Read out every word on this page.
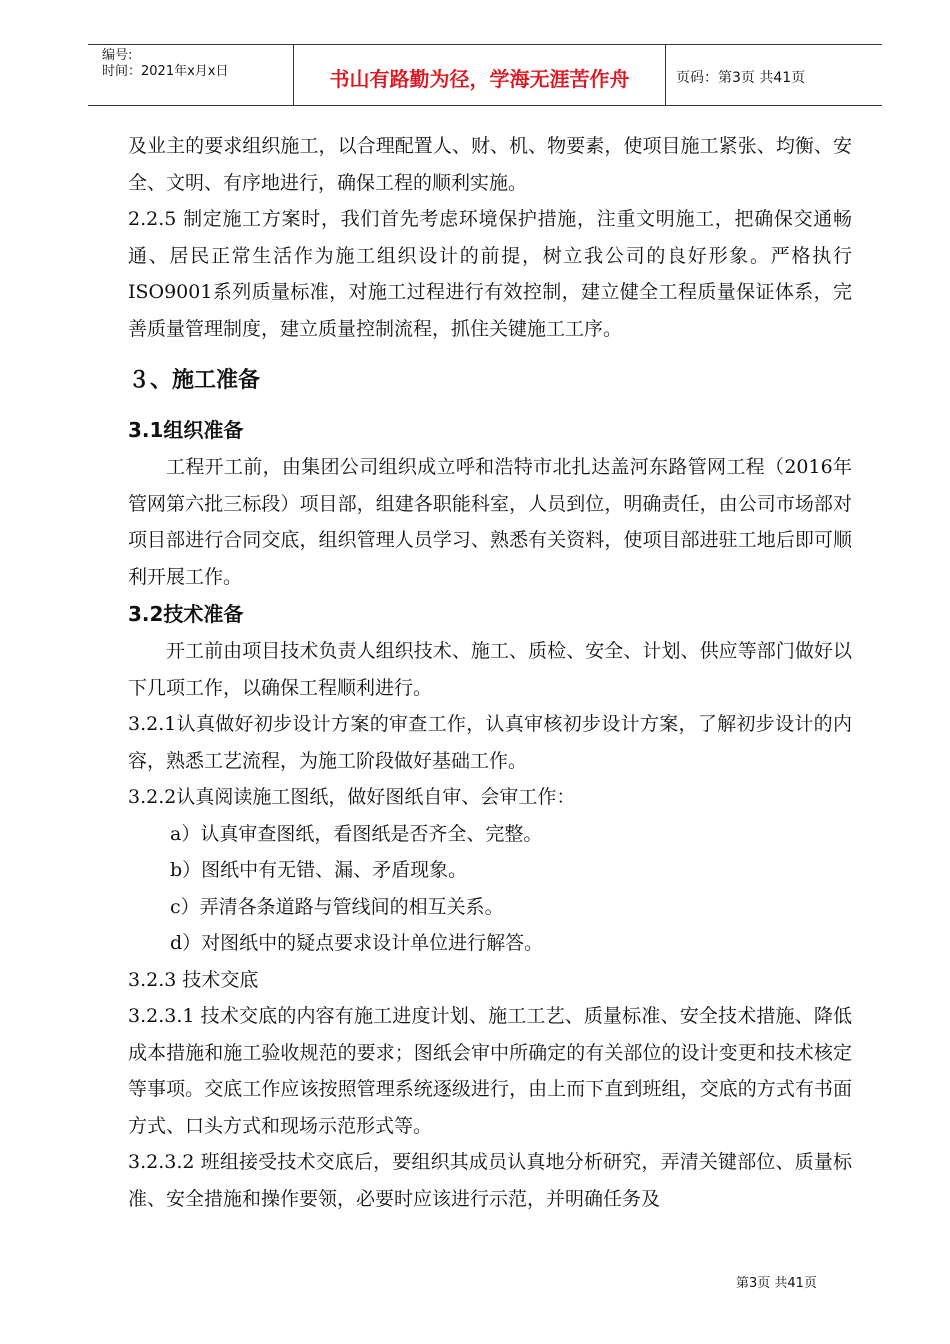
编号:
时间：2021年x月x日	书山有路勤为径，学海无涯苦作舟	页码：第3页 共41页

及业主的要求组织施工，以合理配置人、财、机、物要素，使项目施工紧张、均衡、安全、文明、有序地进行，确保工程的顺利实施。

2.2.5 制定施工方案时，我们首先考虑环境保护措施，注重文明施工，把确保交通畅通、居民正常生活作为施工组织设计的前提，树立我公司的良好形象。严格执行ISO9001系列质量标准，对施工过程进行有效控制，建立健全工程质量保证体系，完善质量管理制度，建立质量控制流程，抓住关键施工工序。

３、施工准备
3.1组织准备

工程开工前，由集团公司组织成立呼和浩特市北扎达盖河东路管网工程（2016年管网第六批三标段）项目部，组建各职能科室，人员到位，明确责任，由公司市场部对项目部进行合同交底，组织管理人员学习、熟悉有关资料，使项目部进驻工地后即可顺利开展工作。

3.2技术准备

开工前由项目技术负责人组织技术、施工、质检、安全、计划、供应等部门做好以下几项工作，以确保工程顺利进行。

3.2.1认真做好初步设计方案的审查工作，认真审核初步设计方案，了解初步设计的内容，熟悉工艺流程，为施工阶段做好基础工作。

3.2.2认真阅读施工图纸，做好图纸自审、会审工作：

a）认真审查图纸，看图纸是否齐全、完整。

b）图纸中有无错、漏、矛盾现象。

c）弄清各条道路与管线间的相互关系。

d）对图纸中的疑点要求设计单位进行解答。

3.2.3 技术交底

3.2.3.1 技术交底的内容有施工进度计划、施工工艺、质量标准、安全技术措施、降低成本措施和施工验收规范的要求；图纸会审中所确定的有关部位的设计变更和技术核定等事项。交底工作应该按照管理系统逐级进行，由上而下直到班组，交底的方式有书面方式、口头方式和现场示范形式等。

3.2.3.2 班组接受技术交底后，要组织其成员认真地分析研究，弄清关键部位、质量标准、安全措施和操作要领，必要时应该进行示范，并明确任务及

第3页 共41页
